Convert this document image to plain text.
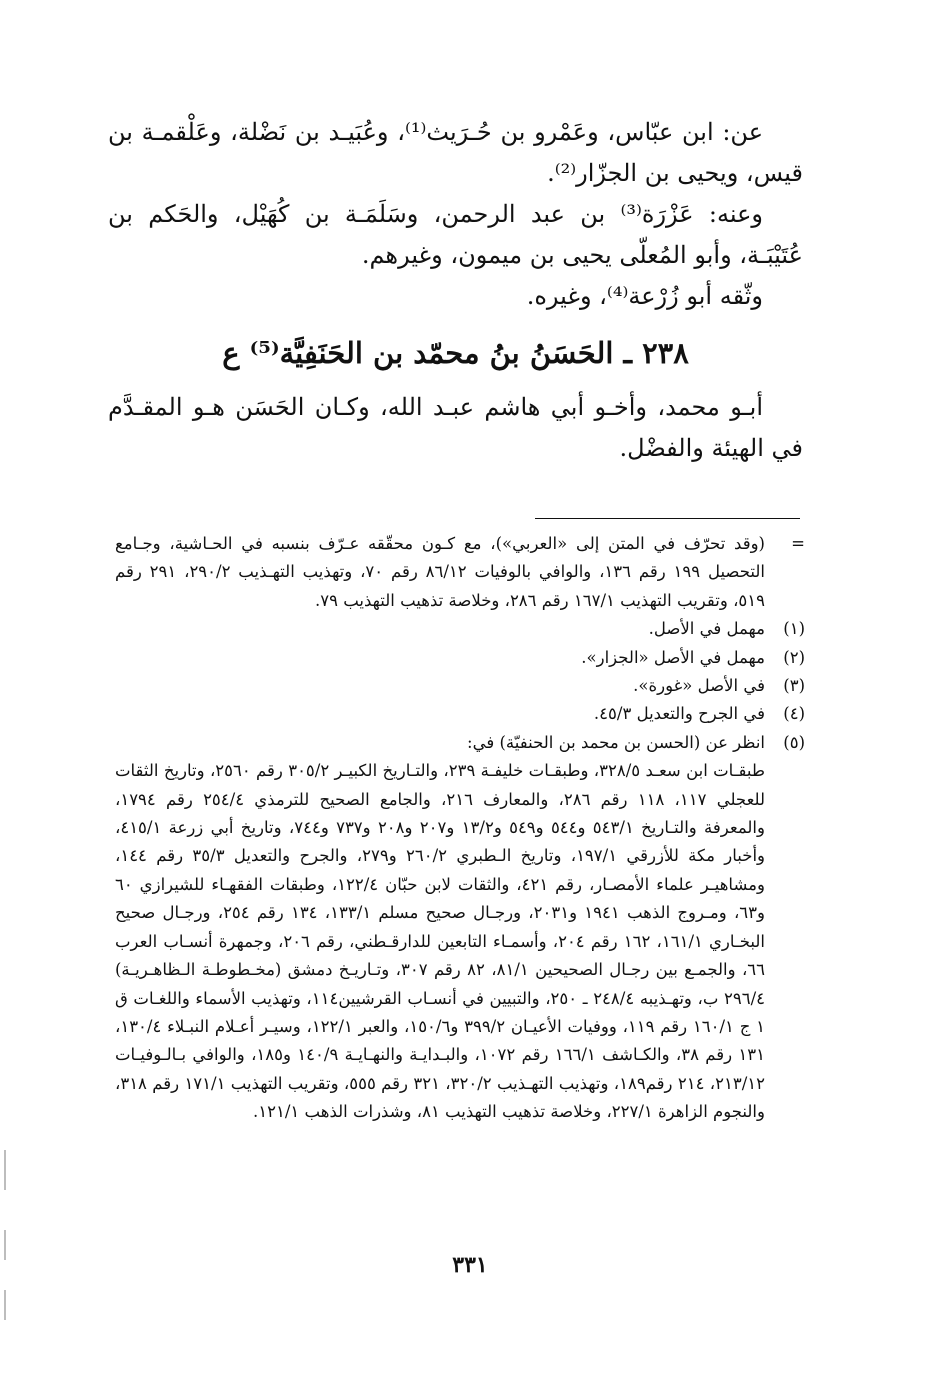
عن: ابن عبّاس، وعَمْرو بن حُـرَيث⁽¹⁾، وعُبَيـد بن نَضْلة، وعَلْقمـة بن قيس، ويحيى بن الجزّار⁽²⁾.

وعنه: عَزْرَة⁽³⁾ بن عبد الرحمن، وسَلَمَـة بن كُهَيْل، والحَكم بن عُتَيْبَـة، وأبو المُعلّى يحيى بن ميمون، وغيرهم.

وثّقه أبو زُرْعة⁽⁴⁾، وغيره.

٢٣٨ ـ الحَسَنُ بنُ محمّد بن الحَنَفِيَّة⁽⁵⁾ ع

أبـو محمد، وأخـو أبي هاشم عبـد الله، وكـان الحَسَن هـو المقـدَّم في الهيئة والفضْل.

=
(وقد تحرّف في المتن إلى «العربي»)، مع كـون محقّقه عـرّف بنسبه في الحـاشية، وجـامع التحصيل ١٩٩ رقم ١٣٦، والوافي بالوفيات ٨٦/١٢ رقم ٧٠، وتهذيب التهـذيب ٢٩٠/٢، ٢٩١ رقم ٥١٩، وتقريب التهذيب ١٦٧/١ رقم ٢٨٦، وخلاصة تذهيب التهذيب ٧٩.
(١)
مهمل في الأصل.
(٢)
مهمل في الأصل «الجزار».
(٣)
في الأصل «غورة».
(٤)
في الجرح والتعديل ٤٥/٣.
(٥)
انظر عن (الحسن بن محمد بن الحنفيّة) في:
طبقـات ابن سعـد ٣٢٨/٥، وطبقـات خليفـة ٢٣٩، والتـاريخ الكبيـر ٣٠٥/٢ رقم ٢٥٦٠، وتاريخ الثقات للعجلي ١١٧، ١١٨ رقم ٢٨٦، والمعارف ٢١٦، والجامع الصحيح للترمذي ٢٥٤/٤ رقم ١٧٩٤، والمعرفة والتـاريخ ٥٤٣/١ و٥٤٤ و٥٤٩ و١٣/٢ و٢٠٧ و٢٠٨ و٧٣٧ و٧٤٤، وتاريخ أبي زرعة ٤١٥/١، وأخبار مكة للأزرقي ١٩٧/١، وتاريخ الـطبري ٢٦٠/٢ و٢٧٩، والجرح والتعديل ٣٥/٣ رقم ١٤٤، ومشاهيـر علماء الأمصـار، رقم ٤٢١، والثقات لابن حبّان ١٢٢/٤، وطبقات الفقهـاء للشيرازي ٦٠ و٦٣، ومـروج الذهب ١٩٤١ و٢٠٣١، ورجـال صحيح مسلم ١٣٣/١، ١٣٤ رقم ٢٥٤، ورجـال صحيح البخـاري ١٦١/١، ١٦٢ رقم ٢٠٤، وأسمـاء التابعين للدارقـطني، رقم ٢٠٦، وجمهرة أنسـاب العرب ٦٦، والجمـع بين رجـال الصحيحين ٨١/١، ٨٢ رقم ٣٠٧، وتـاريـخ دمشق (مخـطوطـة الـظاهـريـة) ٢٩٦/٤ ب، وتهـذيبه ٢٤٨/٤ ـ ٢٥٠، والتبيين في أنسـاب القرشيين١١٤، وتهذيب الأسماء واللغـات ق ١ ج ١٦٠/١ رقم ١١٩، ووفيات الأعيـان ٣٩٩/٢ و١٥٠/٦، والعبر ١٢٢/١، وسيـر أعـلام النبـلاء ١٣٠/٤، ١٣١ رقم ٣٨، والكـاشف ١٦٦/١ رقم ١٠٧٢، والبـدايـة والنهـايـة ١٤٠/٩ و١٨٥، والوافي بـالـوفيـات ٢١٣/١٢، ٢١٤ رقم١٨٩، وتهذيب التهـذيب ٣٢٠/٢، ٣٢١ رقم ٥٥٥، وتقريب التهذيب ١٧١/١ رقم ٣١٨، والنجوم الزاهرة ٢٢٧/١، وخلاصة تذهيب التهذيب ٨١، وشذرات الذهب ١٢١/١.
٣٣١
